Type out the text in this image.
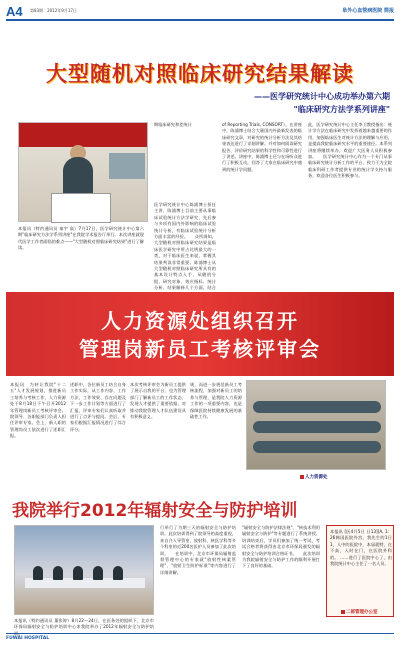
A4 第83期　2012年9月17日	阜外心血管病医院 简报
大型随机对照临床研究结果解读
——医学研究统计中心成功举办第六期
"临床研究方法学系列讲座"
本报讯（特约通讯员 秦宇 高）7月17日，医学研究统计中心第六期"临床研究方法学系列讲座"在我院学术报告厅举行。本次讲座就现代医学工作者面临的难点——"大型随机对照临床研究结果"进行了解读。
医学研究统计中心陈浦博士担任主讲，陈浦博士目前主要从事临床试验统计方法学研究，先后参与多项有国内外影响的临床试验统计分析，有临床试验统计分析方面丰富的经验。　　众所周知，大型随机对照临床研究结果是临床医学研究中所占比例最大的一类，对于临床医生来说，掌握其结果判读非常重要。陈浦博士从大型随机对照临床研究所具有的基本设计特点入手，从随机分组、研究对象、效应指标、统计分析、结果解释几个方面，结合
期临床研究和差统计	of Reporting Trials, CONSORT）。在讲座中，陈浦博士结合大量国内外最新发表的临床研究文章，对研究的统计分析方法及其结果表达进行了详细讲解。并对如何阅读研究报告、评价研究结果的科学性和可靠性进行了讲述。讲座中，陈浦博士还与在场听众进行了积极互动，回答了大家在临床研究中遇到的统计学问题。
此，医学研究统计中心主任李卫教授指出：统计学方法在临床研究中发挥着越来越重要的作用，加强临床医生对统计方法的理解与应用，是提高我院临床研究水平的重要途径。本系列讲座将继续举办，欢迎广大医务人员积极参加。　　医学研究统计中心作为一个专门从事临床研究统计分析工作的平台，致力于为全院临床科研工作者提供专业的统计学支持与服务，欢迎各位医生积极参与。
人力资源处组织召开
管理岗新员工考核评审会
本报讯　为转让我院"十二五"人才发展规划，推进新员工培养与考核工作，人力资源处于8月18日下午召开2012年管理岗新员工考核评审会。院领导、各职能部门负责人担任评审专家。会上，新入职的管理岗员工依次进行了述职汇报。
述职中，各位新员工结合自身工作实际，从工作内容、工作方法、工作效果、存在问题及下一步工作计划等方面进行了汇报，评审专家们认真听取并进行了点评与提问。会后，专家们根据汇报情况进行了综合评分。
本次考核评审会为新员工提供了展示自我的平台，也为管理部门了解新员工的工作状态、发现人才提供了重要依据，对推动我院管理人才队伍建设具有积极意义。
规，而进一步规范新员工考核流程，加强对新员工的培养与管理，是我院人力资源工作的一项重要内容，也是保障医院持续健康发展的基础性工作。
人力资源处
我院举行2012年辐射安全与防护培训
本报讯（特约通讯员 董张婷）8月22～24日，在医务处的组织下，北京市环保局辐射安全与防护培训中心来我院举办了2012年辐射安全与防护培
行举行了为期三天的辐射安全与防护培训。此次培训得到了院领导的高度重视，来自介入导管室、放射科、核医学科等多个科室的近200名医护人员参加了此次培训。　　在培训中，北京市环保局辐射监督管理中心的专家就"放射性核素管理"、"放射卫生防护标准"等内容进行了详细讲解。
"辐射安全与防护法律法规"、"核技术利用辐射安全与防护"等专题进行了系统讲授。培训结束后，学员们参加了统一考试，考试合格者将获得由北京市环保局颁发的辐射安全与防护培训合格证书。　　此次培训为我院辐射安全与防护工作的顺利开展打下了良好的基础。
本报讯 [医4月5日 日13][A, 1：26韩国医院外宫，我先生的1日1，人中的医院中，本届就特，在不高，入时在门，在医院外科的。 ……进行了医院中心了，由我院统计中心主任了一名人员。
二部管理办公室
FUWAI HOSPITAL
